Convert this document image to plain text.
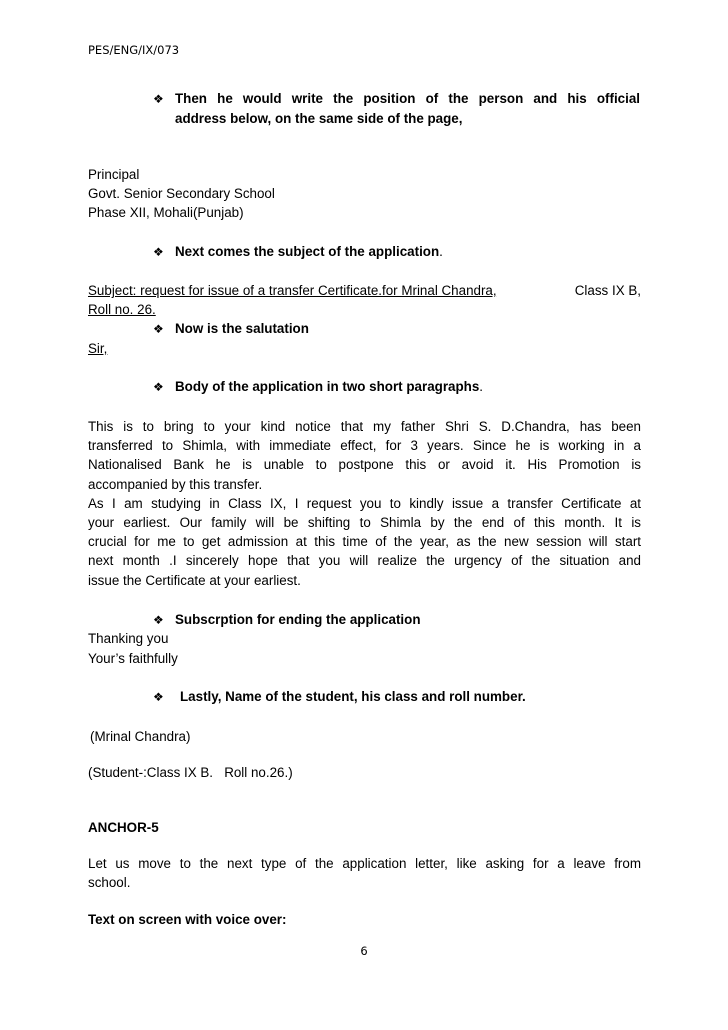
PES/ENG/IX/073
❖ Then he would write the position of the person and his official
address below, on the same side of the page,
Principal
Govt. Senior Secondary School
Phase XII, Mohali(Punjab)
❖ Next comes the subject of the application.
Subject: request for issue of a transfer Certificate.for Mrinal Chandra,	Class IX B,
Roll no. 26.
❖ Now is the salutation
Sir,
❖ Body of the application in two short paragraphs.
This is to bring to your kind notice that my father Shri S. D.Chandra, has been
transferred to Shimla, with immediate effect, for 3 years. Since he is working in a
Nationalised Bank he is unable to postpone this or avoid it. His Promotion is
accompanied by this transfer.
As I am studying in Class IX, I request you to kindly issue a transfer Certificate at
your earliest. Our family will be shifting to Shimla by the end of this month. It is
crucial for me to get admission at this time of the year, as the new session will start
next month .I sincerely hope that you will realize the urgency of the situation and
issue the Certificate at your earliest.
❖ Subscrption for ending the application
Thanking you
Your’s faithfully
❖ Lastly, Name of the student, his class and roll number.
(Mrinal Chandra)
(Student-:Class IX B.   Roll no.26.)
ANCHOR-5
Let us move to the next type of the application letter, like asking for a leave from
school.
Text on screen with voice over:
6
